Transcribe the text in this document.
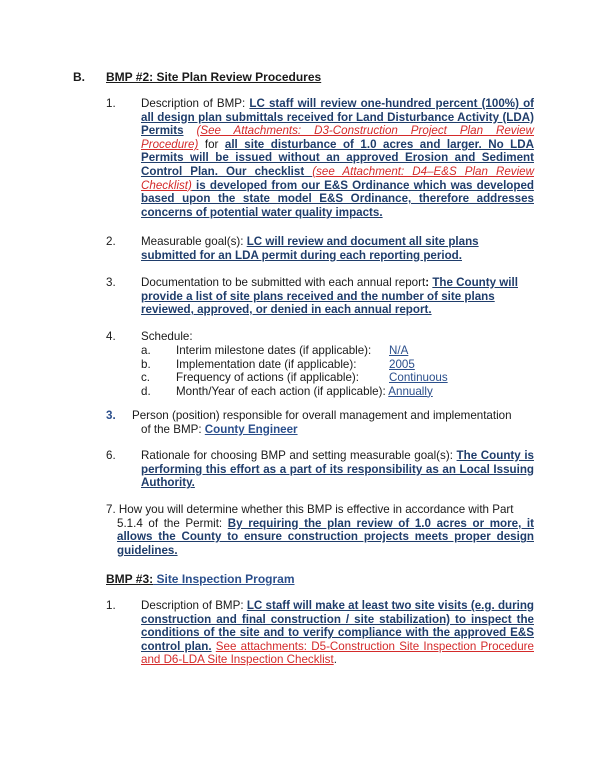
B. BMP #2: Site Plan Review Procedures
1. Description of BMP: LC staff will review one-hundred percent (100%) of all design plan submittals received for Land Disturbance Activity (LDA) Permits (See Attachments: D3-Construction Project Plan Review Procedure) for all site disturbance of 1.0 acres and larger. No LDA Permits will be issued without an approved Erosion and Sediment Control Plan. Our checklist (see Attachment: D4–E&S Plan Review Checklist) is developed from our E&S Ordinance which was developed based upon the state model E&S Ordinance, therefore addresses concerns of potential water quality impacts.
2. Measurable goal(s): LC will review and document all site plans submitted for an LDA permit during each reporting period.
3. Documentation to be submitted with each annual report: The County will provide a list of site plans received and the number of site plans reviewed, approved, or denied in each annual report.
4. Schedule:
a. Interim milestone dates (if applicable): N/A
b. Implementation date (if applicable):	2005
c. Frequency of actions (if applicable):	Continuous
d. Month/Year of each action (if applicable): Annually
3. Person (position) responsible for overall management and implementation
of the BMP: County Engineer
6. Rationale for choosing BMP and setting measurable goal(s): The County is performing this effort as a part of its responsibility as an Local Issuing Authority.
7. How you will determine whether this BMP is effective in accordance with Part
5.1.4 of the Permit: By requiring the plan review of 1.0 acres or more, it allows the County to ensure construction projects meets proper design guidelines.
BMP #3: Site Inspection Program
1. Description of BMP: LC staff will make at least two site visits (e.g. during construction and final construction / site stabilization) to inspect the conditions of the site and to verify compliance with the approved E&S control plan. See attachments: D5-Construction Site Inspection Procedure and D6-LDA Site Inspection Checklist.
